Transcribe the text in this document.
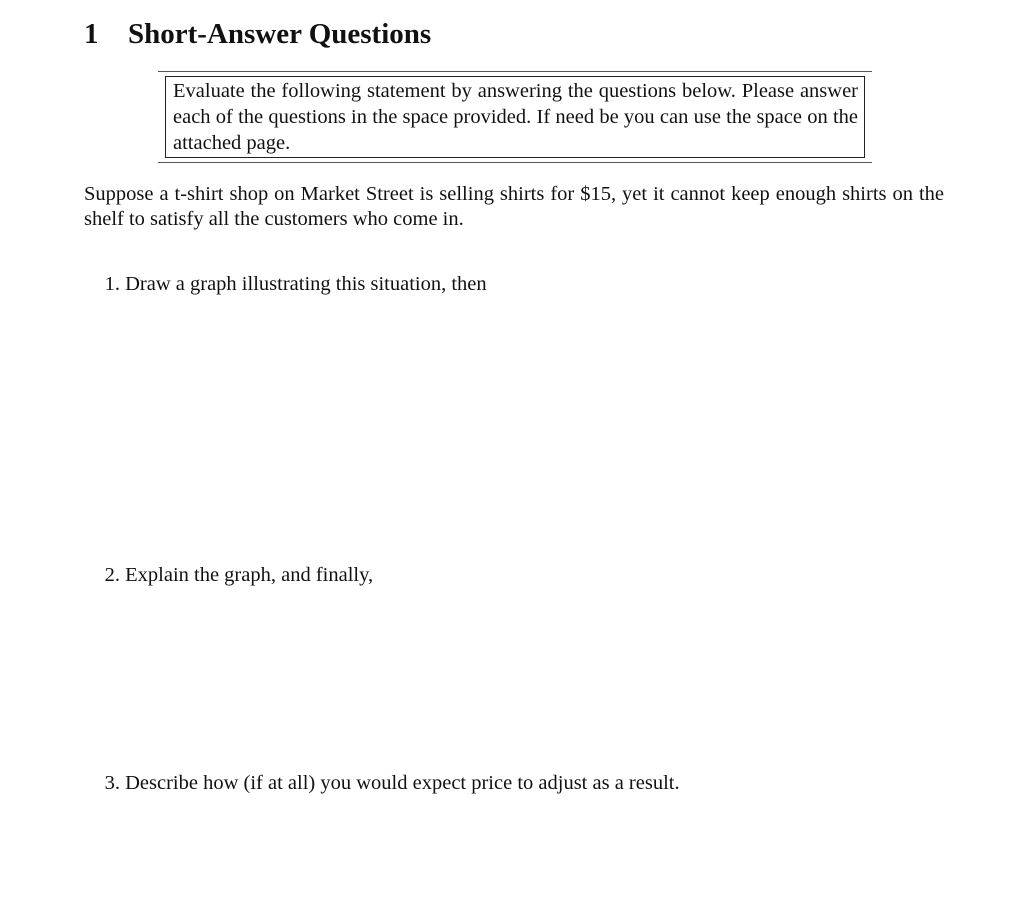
1 Short-Answer Questions
Evaluate the following statement by answering the questions below. Please answer each of the questions in the space provided. If need be you can use the space on the attached page.
Suppose a t-shirt shop on Market Street is selling shirts for $15, yet it cannot keep enough shirts on the shelf to satisfy all the customers who come in.
1. Draw a graph illustrating this situation, then
2. Explain the graph, and finally,
3. Describe how (if at all) you would expect price to adjust as a result.
